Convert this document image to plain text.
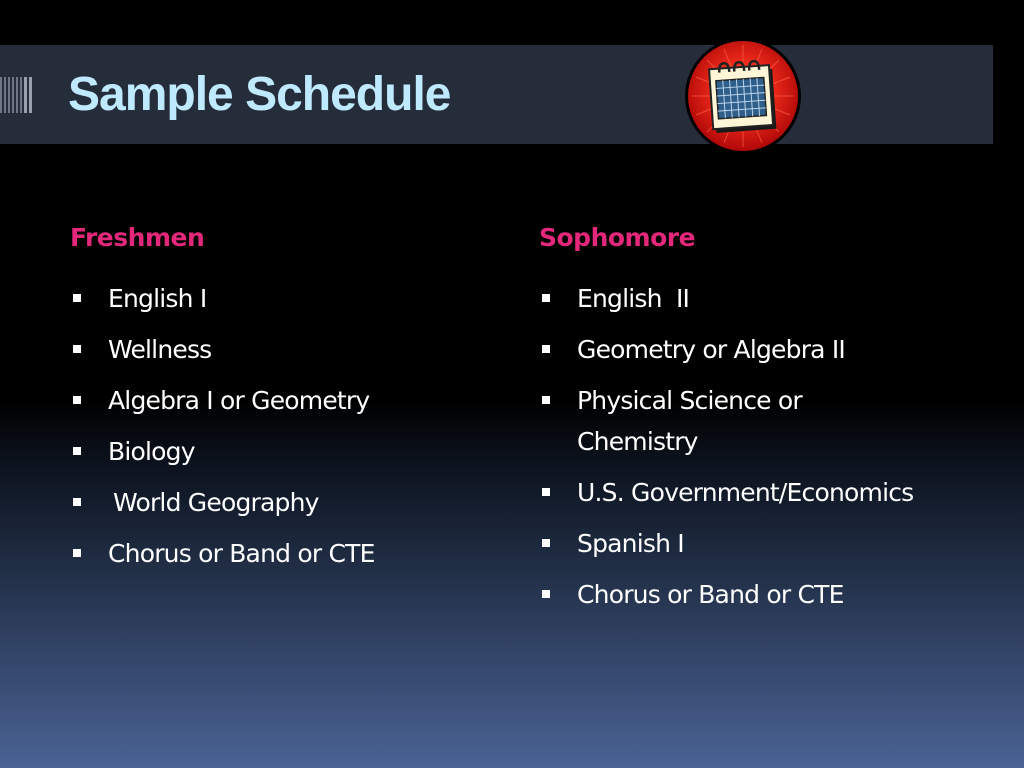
Sample Schedule
Freshmen
English I
Wellness
Algebra I or Geometry
Biology
World Geography
Chorus or Band or CTE
Sophomore
English  II
Geometry or Algebra II
Physical Science or Chemistry
U.S. Government/Economics
Spanish I
Chorus or Band or CTE
